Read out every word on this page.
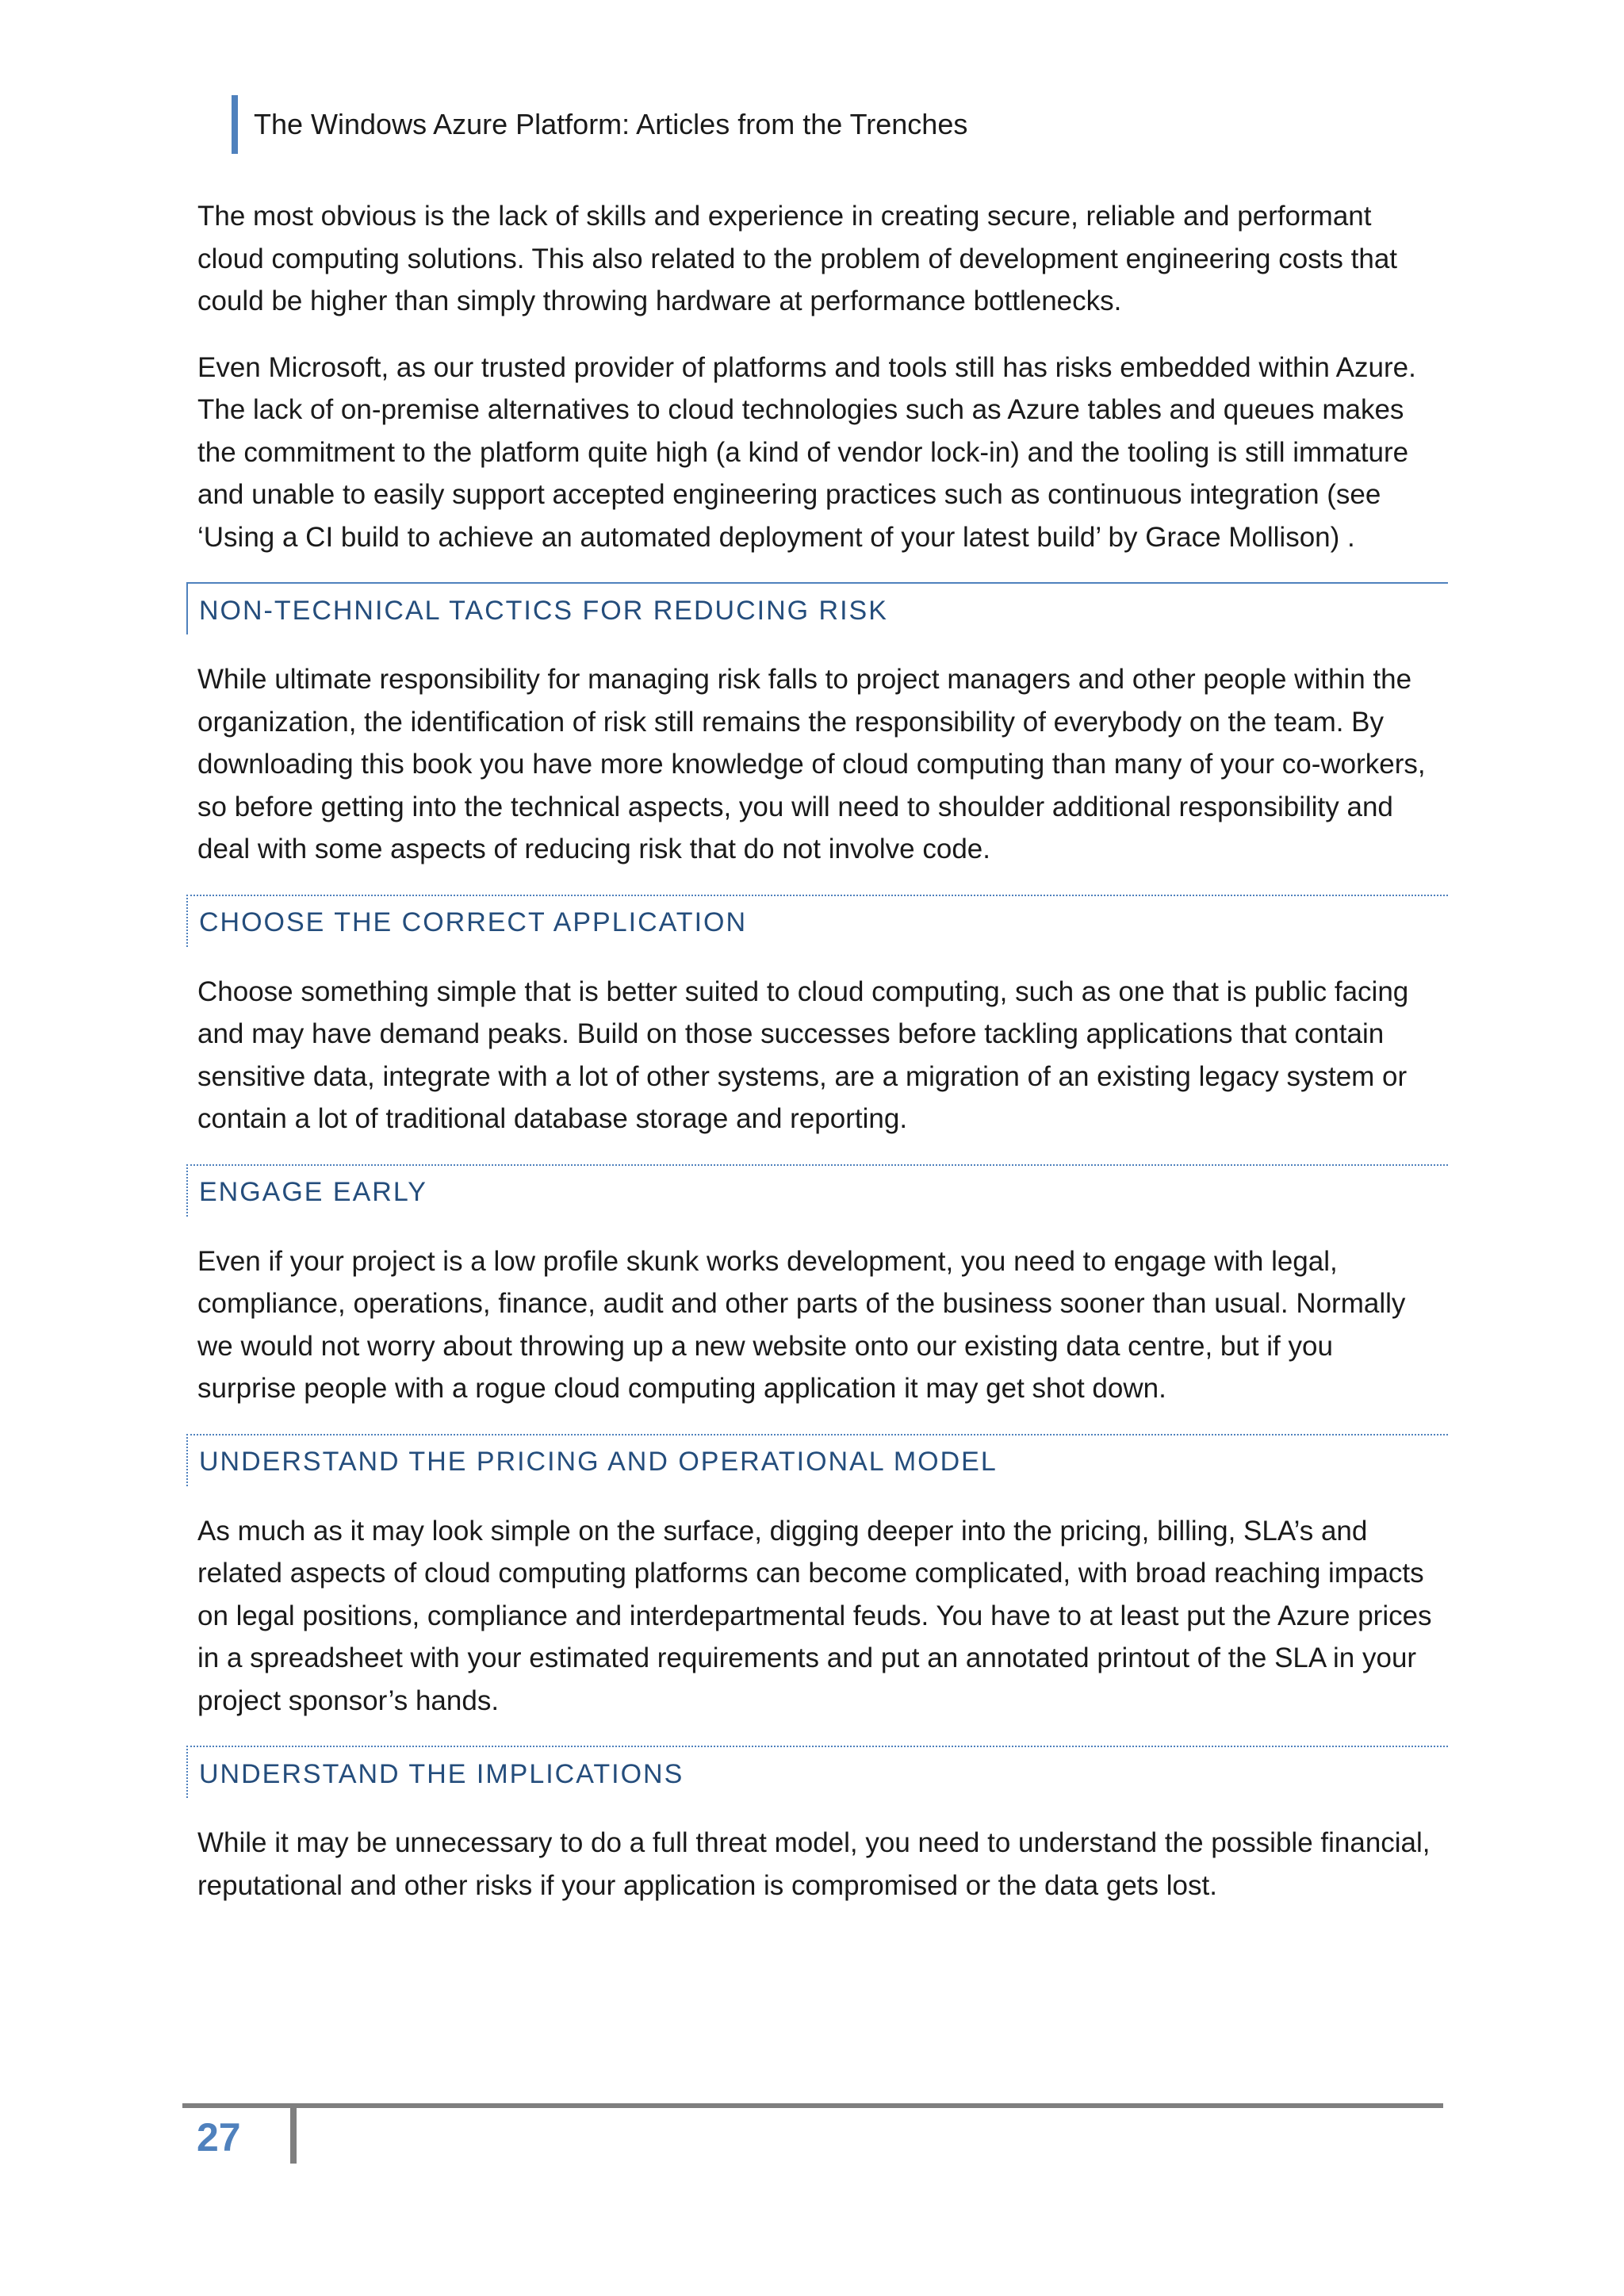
The Windows Azure Platform: Articles from the Trenches

The most obvious is the lack of skills and experience in creating secure, reliable and performant cloud computing solutions. This also related to the problem of development engineering costs that could be higher than simply throwing hardware at performance bottlenecks.

Even Microsoft, as our trusted provider of platforms and tools still has risks embedded within Azure. The lack of on-premise alternatives to cloud technologies such as Azure tables and queues makes the commitment to the platform quite high (a kind of vendor lock-in) and the tooling is still immature and unable to easily support accepted engineering practices such as continuous integration (see ‘Using a CI build to achieve an automated deployment of your latest build’ by Grace Mollison) .

NON-TECHNICAL TACTICS FOR REDUCING RISK

While ultimate responsibility for managing risk falls to project managers and other people within the organization, the identification of risk still remains the responsibility of everybody on the team. By downloading this book you have more knowledge of cloud computing than many of your co-workers, so before getting into the technical aspects, you will need to shoulder additional responsibility and deal with some aspects of reducing risk that do not involve code.

CHOOSE THE CORRECT APPLICATION

Choose something simple that is better suited to cloud computing, such as one that is public facing and may have demand peaks. Build on those successes before tackling applications that contain sensitive data, integrate with a lot of other systems, are a migration of an existing legacy system or contain a lot of traditional database storage and reporting.

ENGAGE EARLY

Even if your project is a low profile skunk works development, you need to engage with legal, compliance, operations, finance, audit and other parts of the business sooner than usual. Normally we would not worry about throwing up a new website onto our existing data centre, but if you surprise people with a rogue cloud computing application it may get shot down.

UNDERSTAND THE PRICING AND OPERATIONAL MODEL

As much as it may look simple on the surface, digging deeper into the pricing, billing, SLA’s and related aspects of cloud computing platforms can become complicated, with broad reaching impacts on legal positions, compliance and interdepartmental feuds. You have to at least put the Azure prices in a spreadsheet with your estimated requirements and put an annotated printout of the SLA in your project sponsor’s hands.

UNDERSTAND THE IMPLICATIONS

While it may be unnecessary to do a full threat model, you need to understand the possible financial, reputational and other risks if your application is compromised or the data gets lost.

27
